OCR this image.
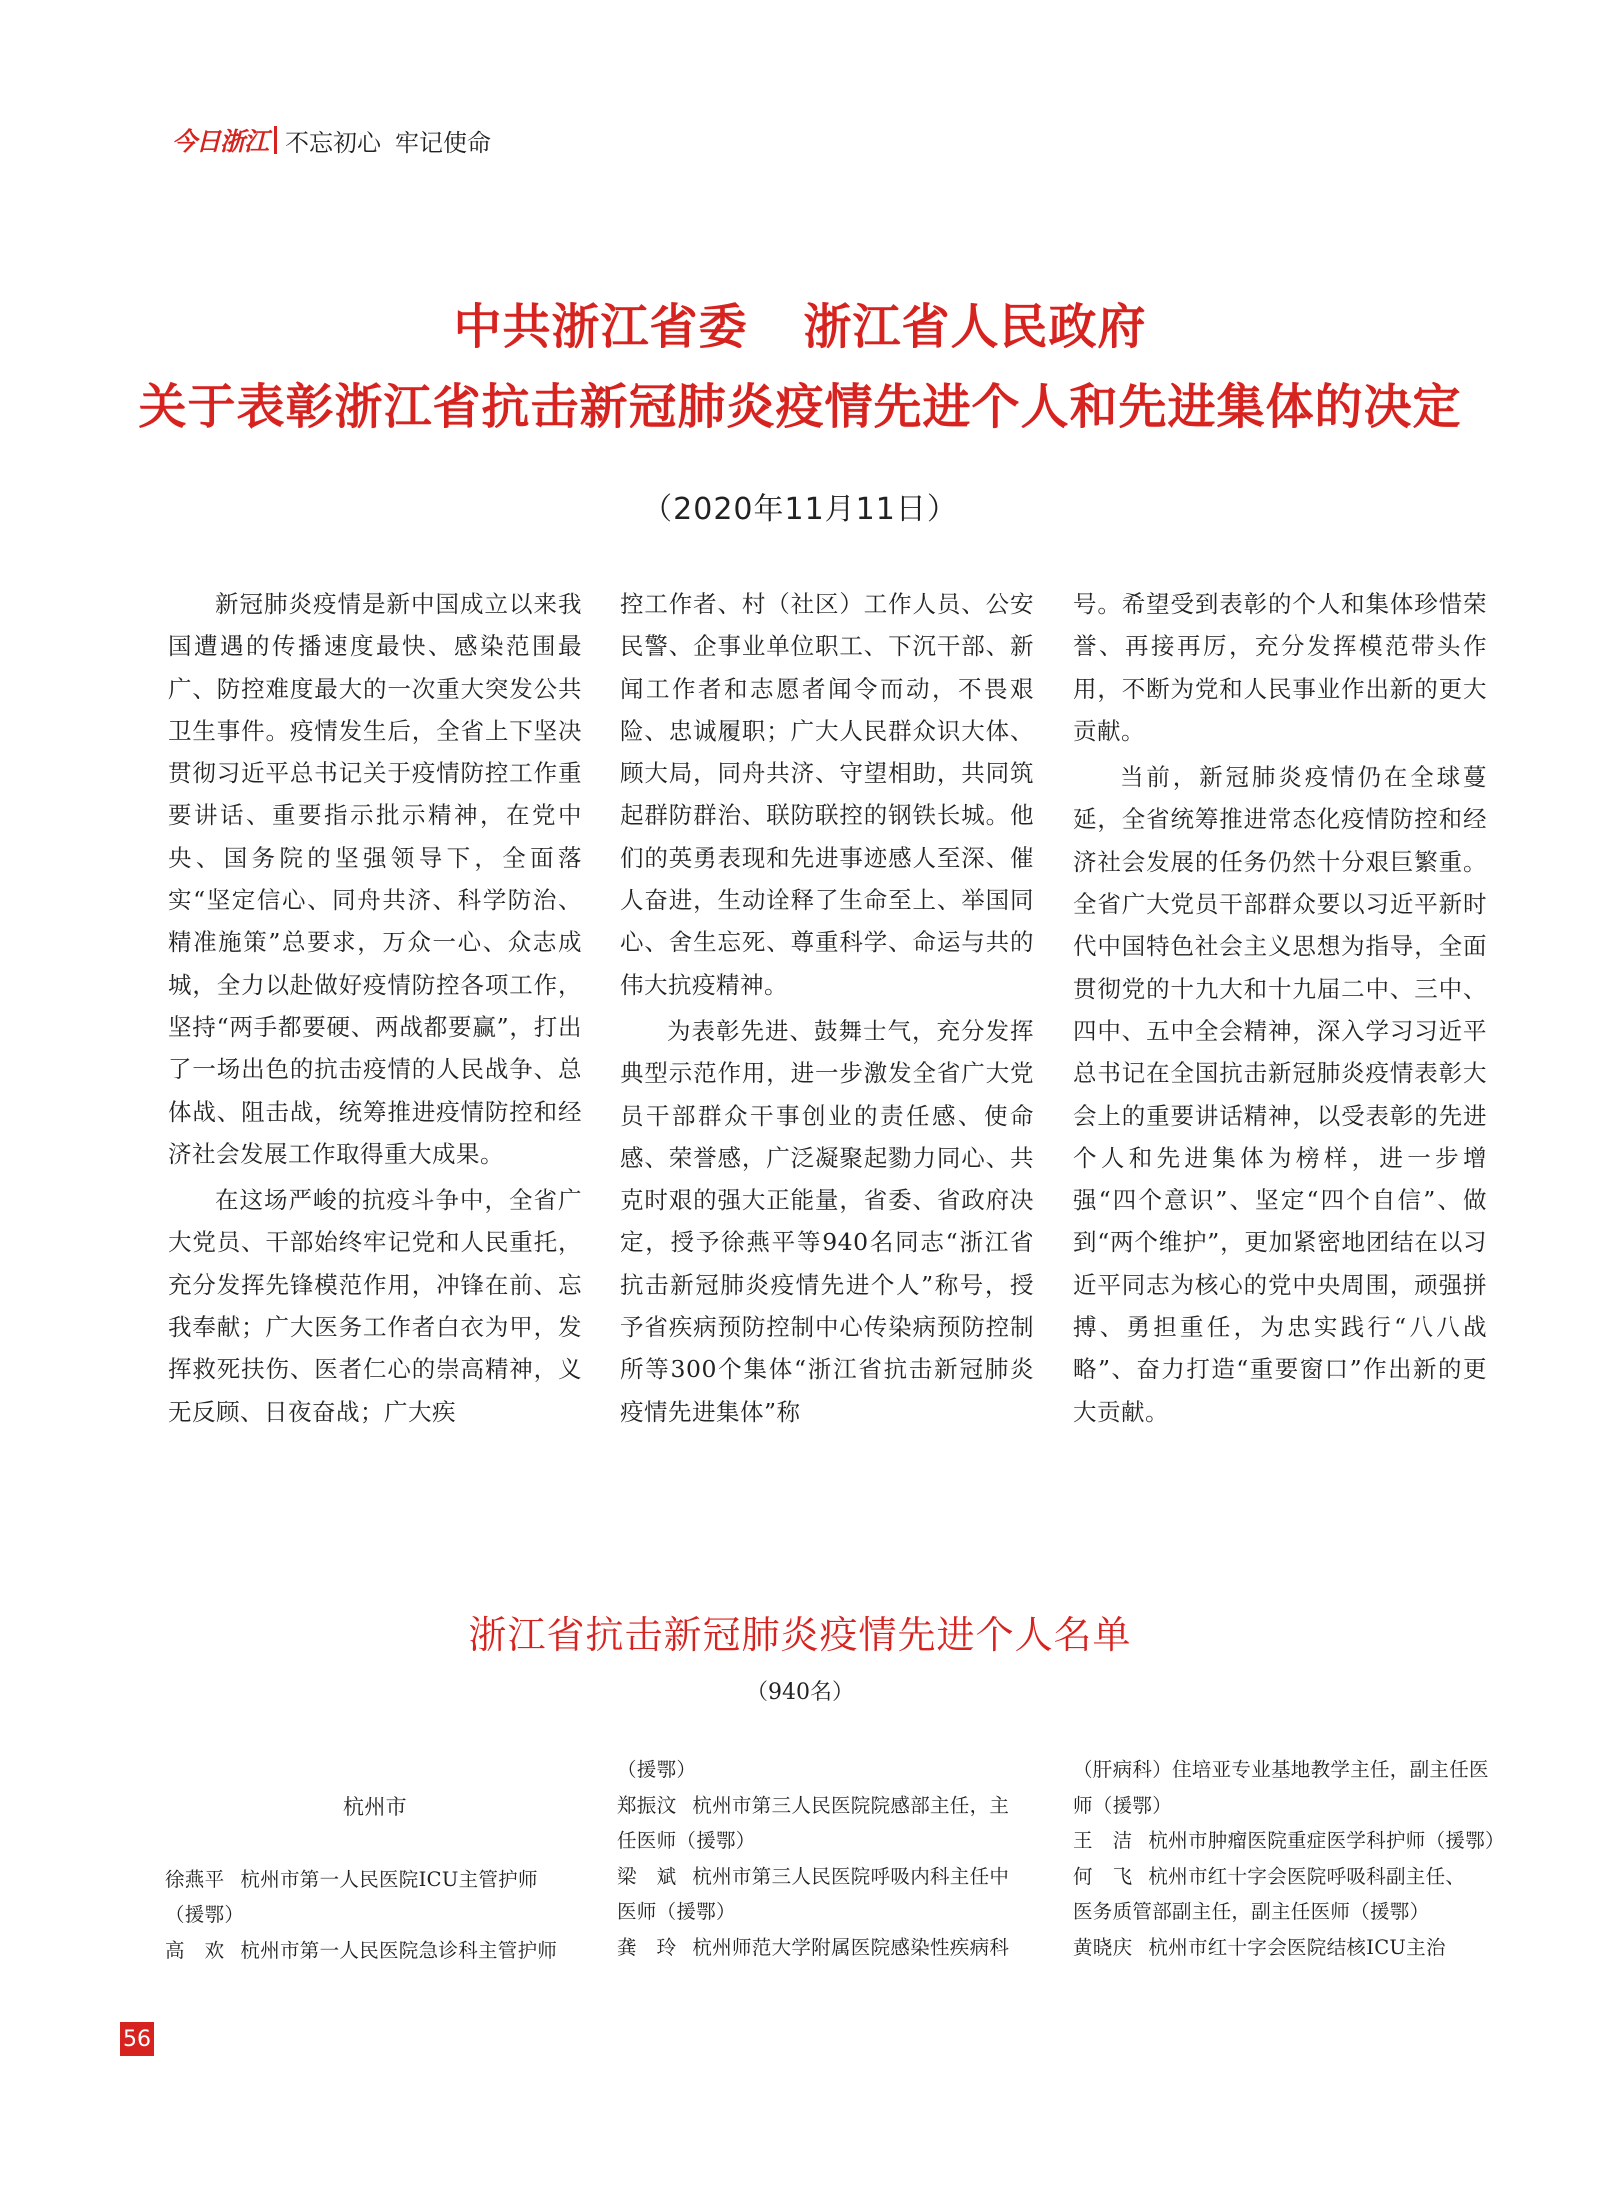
今日浙江 不忘初心 牢记使命
中共浙江省委 浙江省人民政府
关于表彰浙江省抗击新冠肺炎疫情先进个人和先进集体的决定
（2020年11月11日）

新冠肺炎疫情是新中国成立以来我国遭遇的传播速度最快、感染范围最广、防控难度最大的一次重大突发公共卫生事件。疫情发生后，全省上下坚决贯彻习近平总书记关于疫情防控工作重要讲话、重要指示批示精神，在党中央、国务院的坚强领导下，全面落实“坚定信心、同舟共济、科学防治、精准施策”总要求，万众一心、众志成城，全力以赴做好疫情防控各项工作，坚持“两手都要硬、两战都要赢”，打出了一场出色的抗击疫情的人民战争、总体战、阻击战，统筹推进疫情防控和经济社会发展工作取得重大成果。

在这场严峻的抗疫斗争中，全省广大党员、干部始终牢记党和人民重托，充分发挥先锋模范作用，冲锋在前、忘我奉献；广大医务工作者白衣为甲，发挥救死扶伤、医者仁心的崇高精神，义无反顾、日夜奋战；广大疾

控工作者、村（社区）工作人员、公安民警、企事业单位职工、下沉干部、新闻工作者和志愿者闻令而动，不畏艰险、忠诚履职；广大人民群众识大体、顾大局，同舟共济、守望相助，共同筑起群防群治、联防联控的钢铁长城。他们的英勇表现和先进事迹感人至深、催人奋进，生动诠释了生命至上、举国同心、舍生忘死、尊重科学、命运与共的伟大抗疫精神。

为表彰先进、鼓舞士气，充分发挥典型示范作用，进一步激发全省广大党员干部群众干事创业的责任感、使命感、荣誉感，广泛凝聚起勠力同心、共克时艰的强大正能量，省委、省政府决定，授予徐燕平等940名同志“浙江省抗击新冠肺炎疫情先进个人”称号，授予省疾病预防控制中心传染病预防控制所等300个集体“浙江省抗击新冠肺炎疫情先进集体”称

号。希望受到表彰的个人和集体珍惜荣誉、再接再厉，充分发挥模范带头作用，不断为党和人民事业作出新的更大贡献。

当前，新冠肺炎疫情仍在全球蔓延，全省统筹推进常态化疫情防控和经济社会发展的任务仍然十分艰巨繁重。全省广大党员干部群众要以习近平新时代中国特色社会主义思想为指导，全面贯彻党的十九大和十九届二中、三中、四中、五中全会精神，深入学习习近平总书记在全国抗击新冠肺炎疫情表彰大会上的重要讲话精神，以受表彰的先进个人和先进集体为榜样，进一步增强“四个意识”、坚定“四个自信”、做到“两个维护”，更加紧密地团结在以习近平同志为核心的党中央周围，顽强拼搏、勇担重任，为忠实践行“八八战略”、奋力打造“重要窗口”作出新的更大贡献。

浙江省抗击新冠肺炎疫情先进个人名单
（940名）
杭州市
徐燕平 杭州市第一人民医院ICU主管护师
（援鄂）
高　欢 杭州市第一人民医院急诊科主管护师
（援鄂）
郑振汶 杭州市第三人民医院院感部主任，主
任医师（援鄂）
梁　斌 杭州市第三人民医院呼吸内科主任中
医师（援鄂）
龚　玲 杭州师范大学附属医院感染性疾病科
（肝病科）住培亚专业基地教学主任，副主任医
师（援鄂）
王　洁 杭州市肿瘤医院重症医学科护师（援鄂）
何　飞 杭州市红十字会医院呼吸科副主任、
医务质管部副主任，副主任医师（援鄂）
黄晓庆 杭州市红十字会医院结核ICU主治
56
